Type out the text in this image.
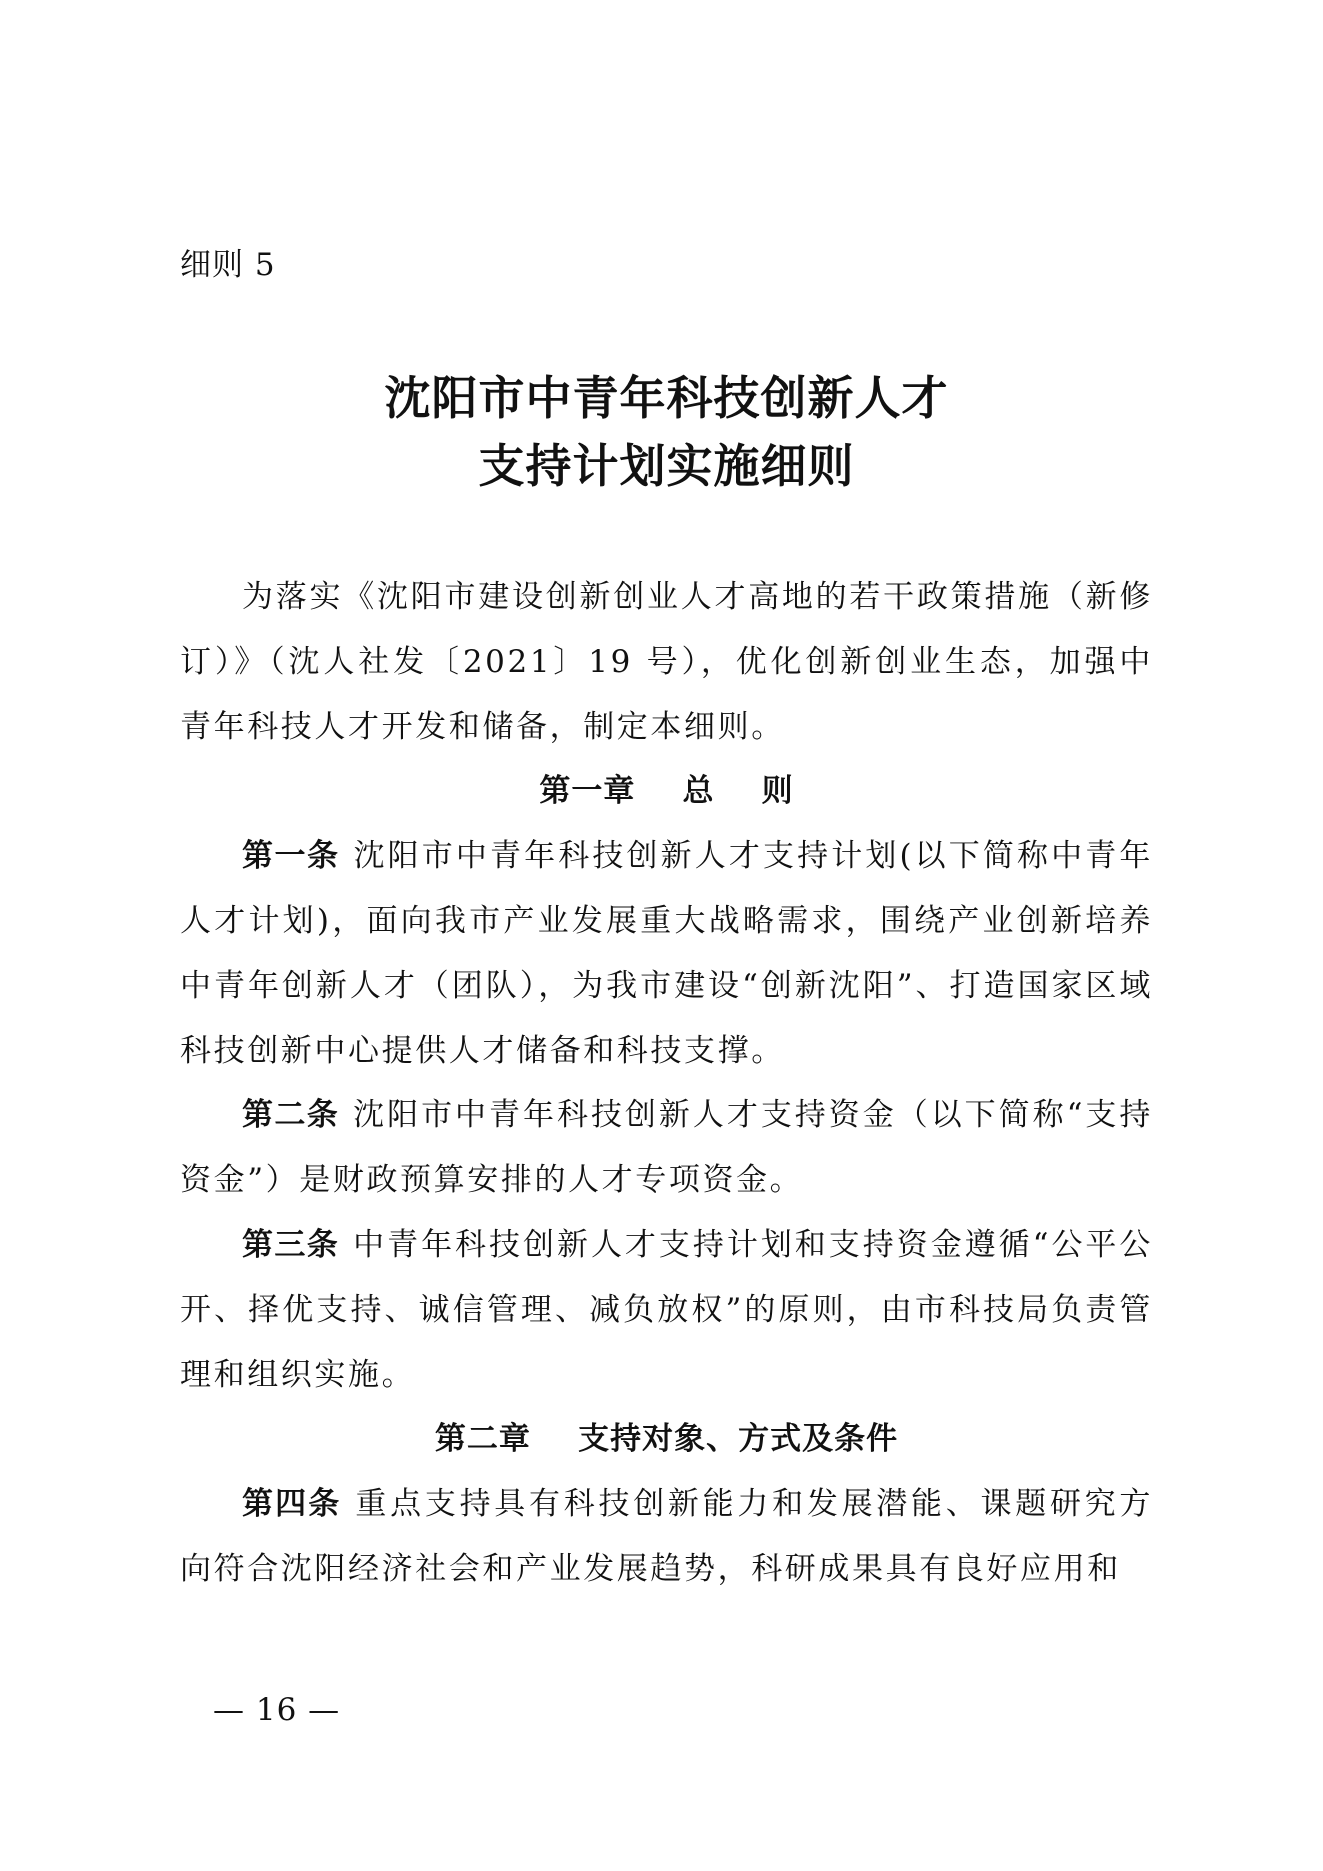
细则 5
沈阳市中青年科技创新人才
支持计划实施细则

为落实《沈阳市建设创新创业人才高地的若干政策措施（新修订）》（沈人社发〔2021〕19 号），优化创新创业生态，加强中青年科技人才开发和储备，制定本细则。

第一章    总    则

第一条 沈阳市中青年科技创新人才支持计划(以下简称中青年人才计划)，面向我市产业发展重大战略需求，围绕产业创新培养中青年创新人才（团队），为我市建设“创新沈阳”、打造国家区域科技创新中心提供人才储备和科技支撑。

第二条 沈阳市中青年科技创新人才支持资金（以下简称“支持资金”）是财政预算安排的人才专项资金。

第三条 中青年科技创新人才支持计划和支持资金遵循“公平公开、择优支持、诚信管理、减负放权”的原则，由市科技局负责管理和组织实施。

第二章    支持对象、方式及条件

第四条 重点支持具有科技创新能力和发展潜能、课题研究方向符合沈阳经济社会和产业发展趋势，科研成果具有良好应用和

— 16 —
